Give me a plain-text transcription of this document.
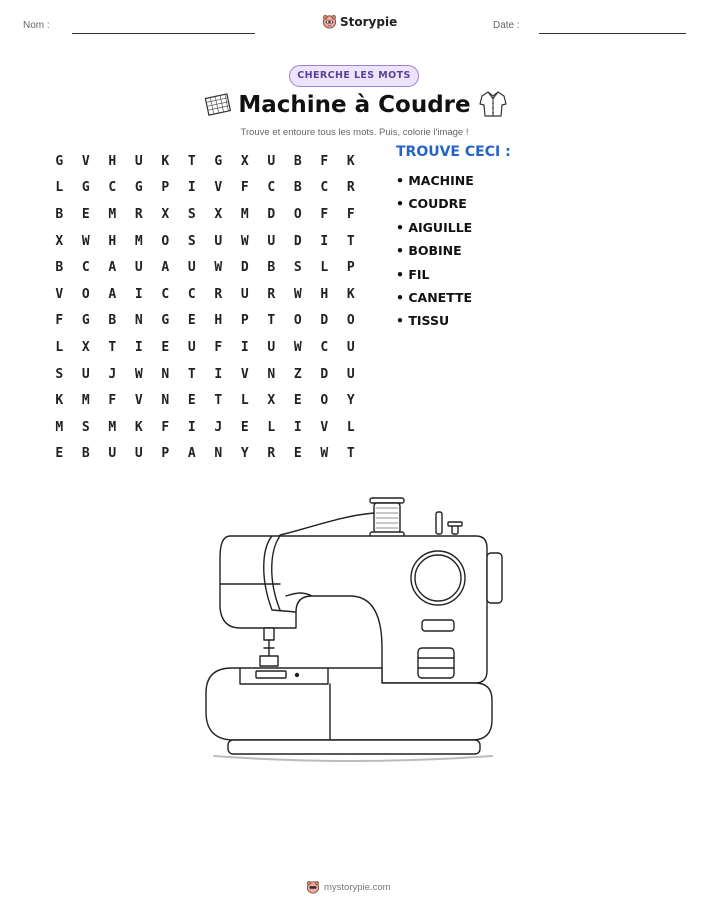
Nom :	Storypie	Date :
CHERCHE LES MOTS
Machine à Coudre
Trouve et entoure tous les mots. Puis, colorie l'image !
G	V	H	U	K	T	G	X	U	B	F	K
L	G	C	G	P	I	V	F	C	B	C	R
B	E	M	R	X	S	X	M	D	O	F	F
X	W	H	M	O	S	U	W	U	D	I	T
B	C	A	U	A	U	W	D	B	S	L	P
V	O	A	I	C	C	R	U	R	W	H	K
F	G	B	N	G	E	H	P	T	O	D	O
L	X	T	I	E	U	F	I	U	W	C	U
S	U	J	W	N	T	I	V	N	Z	D	U
K	M	F	V	N	E	T	L	X	E	O	Y
M	S	M	K	F	I	J	E	L	I	V	L
E	B	U	U	P	A	N	Y	R	E	W	T
TROUVE CECI :
• MACHINE
• COUDRE
• AIGUILLE
• BOBINE
• FIL
• CANETTE
• TISSU
mystorypie.com
